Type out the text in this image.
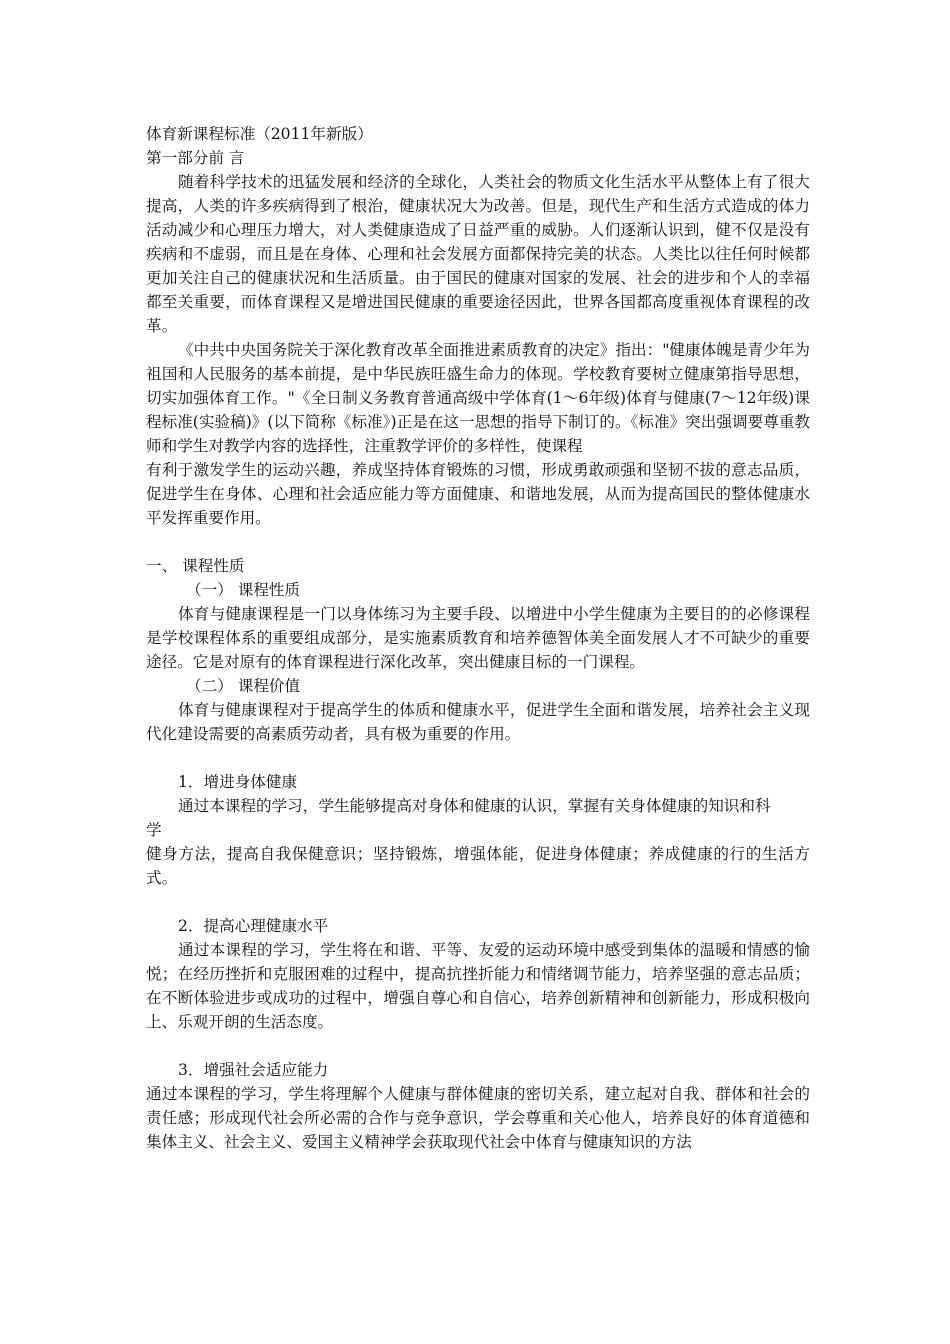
体育新课程标准（2011年新版）

第一部分前 言

随着科学技术的迅猛发展和经济的全球化，人类社会的物质文化生活水平从整体上有了很大提高，人类的许多疾病得到了根治，健康状况大为改善。但是，现代生产和生活方式造成的体力活动减少和心理压力增大，对人类健康造成了日益严重的威胁。人们逐渐认识到，健不仅是没有疾病和不虚弱，而且是在身体、心理和社会发展方面都保持完美的状态。人类比以往任何时候都更加关注自己的健康状况和生活质量。由于国民的健康对国家的发展、社会的进步和个人的幸福都至关重要，而体育课程又是增进国民健康的重要途径因此，世界各国都高度重视体育课程的改革。

《中共中央国务院关于深化教育改革全面推进素质教育的决定》指出："健康体魄是青少年为祖国和人民服务的基本前提，是中华民族旺盛生命力的体现。学校教育要树立健康第指导思想，切实加强体育工作。"《全日制义务教育普通高级中学体育(1～6年级)体育与健康(7～12年级)课程标准(实验稿)》(以下简称《标准》)正是在这一思想的指导下制订的。《标准》突出强调要尊重教师和学生对教学内容的选择性，注重教学评价的多样性，使课程

有利于激发学生的运动兴趣，养成坚持体育锻炼的习惯，形成勇敢顽强和坚韧不拔的意志品质，促进学生在身体、心理和社会适应能力等方面健康、和谐地发展，从而为提高国民的整体健康水平发挥重要作用。

一、 课程性质

（一） 课程性质

体育与健康课程是一门以身体练习为主要手段、以增进中小学生健康为主要目的的必修课程是学校课程体系的重要组成部分，是实施素质教育和培养德智体美全面发展人才不可缺少的重要途径。它是对原有的体育课程进行深化改革，突出健康目标的一门课程。

（二） 课程价值

体育与健康课程对于提高学生的体质和健康水平，促进学生全面和谐发展，培养社会主义现代化建设需要的高素质劳动者，具有极为重要的作用。

1．增进身体健康

通过本课程的学习，学生能够提高对身体和健康的认识，掌握有关身体健康的知识和科

学

健身方法，提高自我保健意识；坚持锻炼，增强体能，促进身体健康；养成健康的行的生活方式。

2．提高心理健康水平

通过本课程的学习，学生将在和谐、平等、友爱的运动环境中感受到集体的温暖和情感的愉悦；在经历挫折和克服困难的过程中，提高抗挫折能力和情绪调节能力，培养坚强的意志品质；在不断体验进步或成功的过程中，增强自尊心和自信心，培养创新精神和创新能力，形成积极向上、乐观开朗的生活态度。

3．增强社会适应能力

通过本课程的学习，学生将理解个人健康与群体健康的密切关系，建立起对自我、群体和社会的责任感；形成现代社会所必需的合作与竞争意识，学会尊重和关心他人，培养良好的体育道德和集体主义、社会主义、爱国主义精神学会获取现代社会中体育与健康知识的方法
